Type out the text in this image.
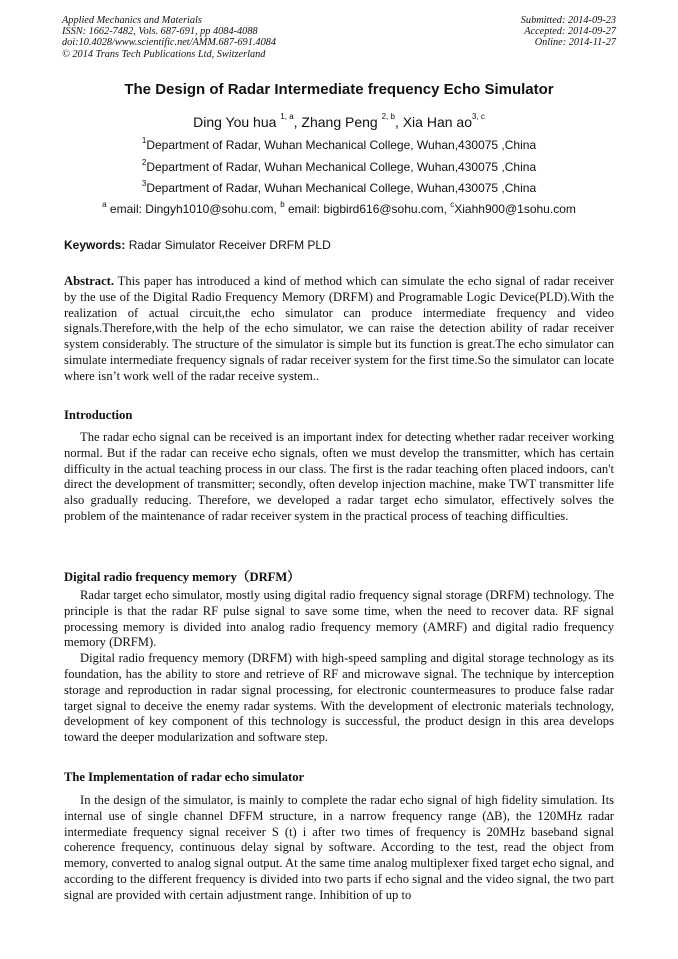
Applied Mechanics and Materials
ISSN: 1662-7482, Vols. 687-691, pp 4084-4088
doi:10.4028/www.scientific.net/AMM.687-691.4084
© 2014 Trans Tech Publications Ltd, Switzerland
Submitted: 2014-09-23
Accepted: 2014-09-27
Online: 2014-11-27
The Design of Radar Intermediate frequency Echo Simulator
Ding You hua $^{1, a}$, Zhang Peng $^{2, b}$, Xia Han ao$^{3, c}$
$^1$Department of Radar, Wuhan Mechanical College, Wuhan,430075 ,China
$^2$Department of Radar, Wuhan Mechanical College, Wuhan,430075 ,China
$^3$Department of Radar, Wuhan Mechanical College, Wuhan,430075 ,China
$^a$ email: Dingyh1010@sohu.com, $^b$ email: bigbird616@sohu.com, $^c$Xiahh900@1sohu.com
Keywords: Radar Simulator Receiver DRFM PLD

Abstract. This paper has introduced a kind of method which can simulate the echo signal of radar receiver by the use of the Digital Radio Frequency Memory (DRFM) and Programable Logic Device(PLD).With the realization of actual circuit,the echo simulator can produce intermediate frequency and video signals.Therefore,with the help of the echo simulator, we can raise the detection ability of radar receiver system considerably. The structure of the simulator is simple but its function is great.The echo simulator can simulate intermediate frequency signals of radar receiver system for the first time.So the simulator can locate where isn’t work well of the radar receive system..

Introduction

The radar echo signal can be received is an important index for detecting whether radar receiver working normal. But if the radar can receive echo signals, often we must develop the transmitter, which has certain difficulty in the actual teaching process in our class. The first is the radar teaching often placed indoors, can't direct the development of transmitter; secondly, often develop injection machine, make TWT transmitter life also gradually reducing. Therefore, we developed a radar target echo simulator, effectively solves the problem of the maintenance of radar receiver system in the practical process of teaching difficulties.

Digital radio frequency memory（DRFM）

Radar target echo simulator, mostly using digital radio frequency signal storage (DRFM) technology. The principle is that the radar RF pulse signal to save some time, when the need to recover data. RF signal processing memory is divided into analog radio frequency memory (AMRF) and digital radio frequency memory (DRFM).

Digital radio frequency memory (DRFM) with high-speed sampling and digital storage technology as its foundation, has the ability to store and retrieve of RF and microwave signal. The technique by interception storage and reproduction in radar signal processing, for electronic countermeasures to produce false radar target signal to deceive the enemy radar systems. With the development of electronic materials technology, development of key component of this technology is successful, the product design in this area develops toward the deeper modularization and software step.

The Implementation of radar echo simulator

In the design of the simulator, is mainly to complete the radar echo signal of high fidelity simulation. Its internal use of single channel DFFM structure, in a narrow frequency range (∆B), the 120MHz radar intermediate frequency signal receiver S (t) i after two times of frequency is 20MHz baseband signal coherence frequency, continuous delay signal by software. According to the test, read the object from memory, converted to analog signal output. At the same time analog multiplexer fixed target echo signal, and according to the different frequency is divided into two parts if echo signal and the video signal, the two part signal are provided with certain adjustment range. Inhibition of up to
